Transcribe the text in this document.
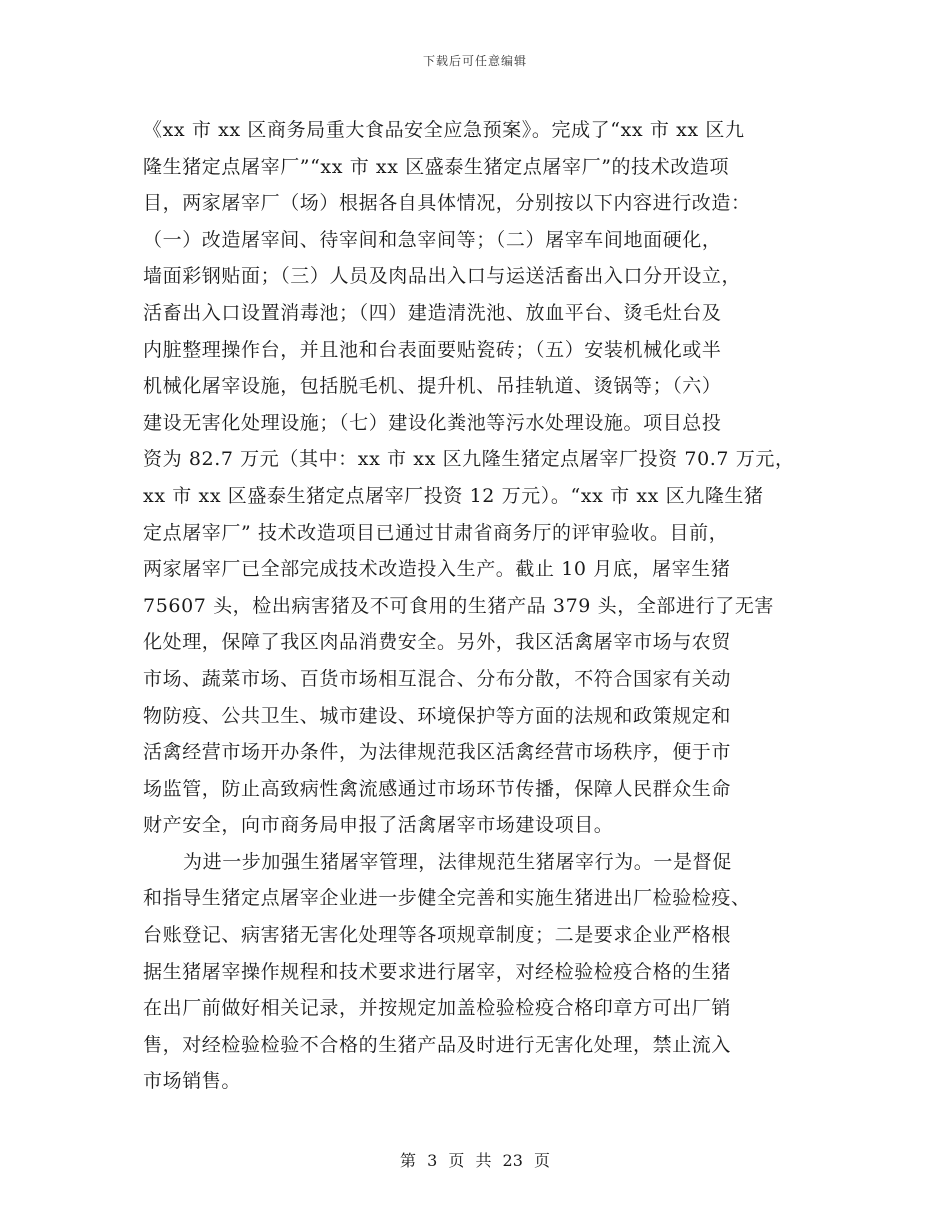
下载后可任意编辑
《xx 市 xx 区商务局重大食品安全应急预案》。完成了“xx 市 xx 区九
隆生猪定点屠宰厂”“xx 市 xx 区盛泰生猪定点屠宰厂”的技术改造项
目，两家屠宰厂（场）根据各自具体情况，分别按以下内容进行改造：
（一）改造屠宰间、待宰间和急宰间等；（二）屠宰车间地面硬化，
墙面彩钢贴面；（三）人员及肉品出入口与运送活畜出入口分开设立，
活畜出入口设置消毒池；（四）建造清洗池、放血平台、烫毛灶台及
内脏整理操作台，并且池和台表面要贴瓷砖；（五）安装机械化或半
机械化屠宰设施，包括脱毛机、提升机、吊挂轨道、烫锅等；（六）
建设无害化处理设施；（七）建设化粪池等污水处理设施。项目总投
资为 82.7 万元（其中：xx 市 xx 区九隆生猪定点屠宰厂投资 70.7 万元，
xx 市 xx 区盛泰生猪定点屠宰厂投资 12 万元）。“xx 市 xx 区九隆生猪
定点屠宰厂” 技术改造项目已通过甘肃省商务厅的评审验收。目前，
两家屠宰厂已全部完成技术改造投入生产。截止 10 月底，屠宰生猪
75607 头，检出病害猪及不可食用的生猪产品 379 头，全部进行了无害
化处理，保障了我区肉品消费安全。另外，我区活禽屠宰市场与农贸
市场、蔬菜市场、百货市场相互混合、分布分散，不符合国家有关动
物防疫、公共卫生、城市建设、环境保护等方面的法规和政策规定和
活禽经营市场开办条件，为法律规范我区活禽经营市场秩序，便于市
场监管，防止高致病性禽流感通过市场环节传播，保障人民群众生命
财产安全，向市商务局申报了活禽屠宰市场建设项目。
为进一步加强生猪屠宰管理，法律规范生猪屠宰行为。一是督促
和指导生猪定点屠宰企业进一步健全完善和实施生猪进出厂检验检疫、
台账登记、病害猪无害化处理等各项规章制度；二是要求企业严格根
据生猪屠宰操作规程和技术要求进行屠宰，对经检验检疫合格的生猪
在出厂前做好相关记录，并按规定加盖检验检疫合格印章方可出厂销
售，对经检验检验不合格的生猪产品及时进行无害化处理，禁止流入
市场销售。
第 3 页 共 23 页
